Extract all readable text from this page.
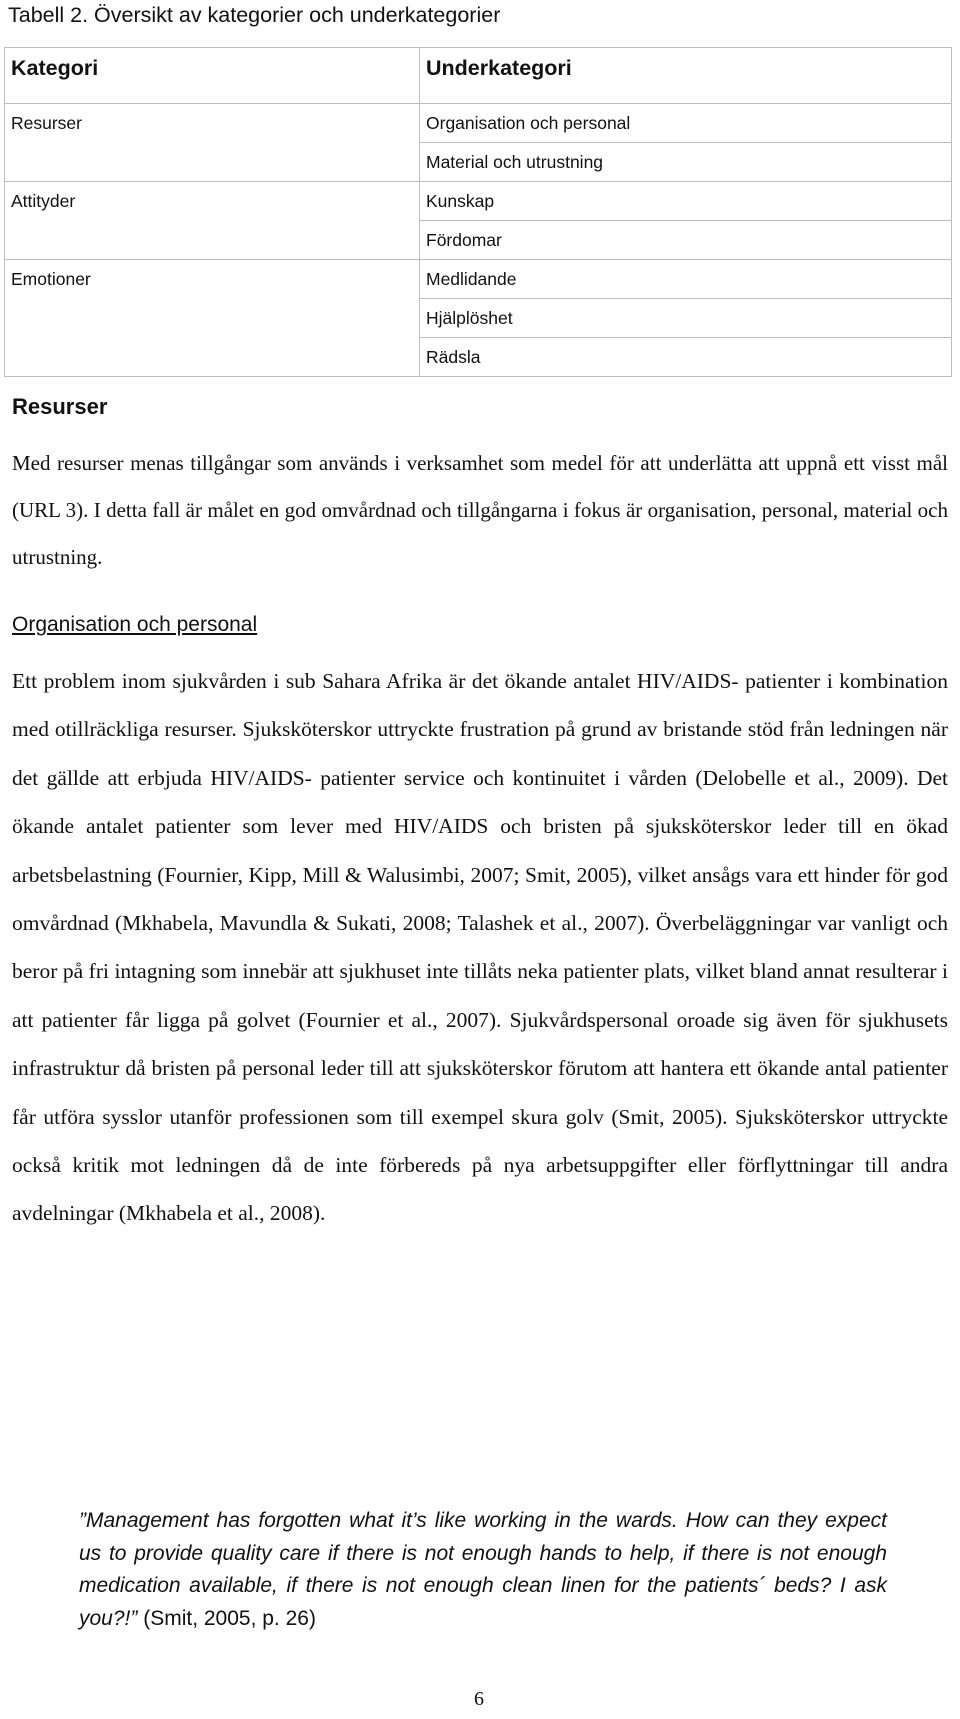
Tabell 2. Översikt av kategorier och underkategorier
Kategori	Underkategori
Resurser	Organisation och personal
	Material och utrustning
Attityder	Kunskap
	Fördomar
Emotioner	Medlidande
	Hjälplöshet
	Rädsla
Resurser

Med resurser menas tillgångar som används i verksamhet som medel för att underlätta att uppnå ett visst mål (URL 3). I detta fall är målet en god omvårdnad och tillgångarna i fokus är organisation, personal, material och utrustning.

Organisation och personal

Ett problem inom sjukvården i sub Sahara Afrika är det ökande antalet HIV/AIDS- patienter i kombination med otillräckliga resurser. Sjuksköterskor uttryckte frustration på grund av bristande stöd från ledningen när det gällde att erbjuda HIV/AIDS- patienter service och kontinuitet i vården (Delobelle et al., 2009). Det ökande antalet patienter som lever med HIV/AIDS och bristen på sjuksköterskor leder till en ökad arbetsbelastning (Fournier, Kipp, Mill & Walusimbi, 2007; Smit, 2005), vilket ansågs vara ett hinder för god omvårdnad (Mkhabela, Mavundla & Sukati, 2008; Talashek et al., 2007). Överbeläggningar var vanligt och beror på fri intagning som innebär att sjukhuset inte tillåts neka patienter plats, vilket bland annat resulterar i att patienter får ligga på golvet (Fournier et al., 2007). Sjukvårdspersonal oroade sig även för sjukhusets infrastruktur då bristen på personal leder till att sjuksköterskor förutom att hantera ett ökande antal patienter får utföra sysslor utanför professionen som till exempel skura golv (Smit, 2005). Sjuksköterskor uttryckte också kritik mot ledningen då de inte förbereds på nya arbetsuppgifter eller förflyttningar till andra avdelningar (Mkhabela et al., 2008).

”Management has forgotten what it’s like working in the wards. How can they expect us to provide quality care if there is not enough hands to help, if there is not enough medication available, if there is not enough clean linen for the patients´ beds? I ask you?!” (Smit, 2005, p. 26)

6
